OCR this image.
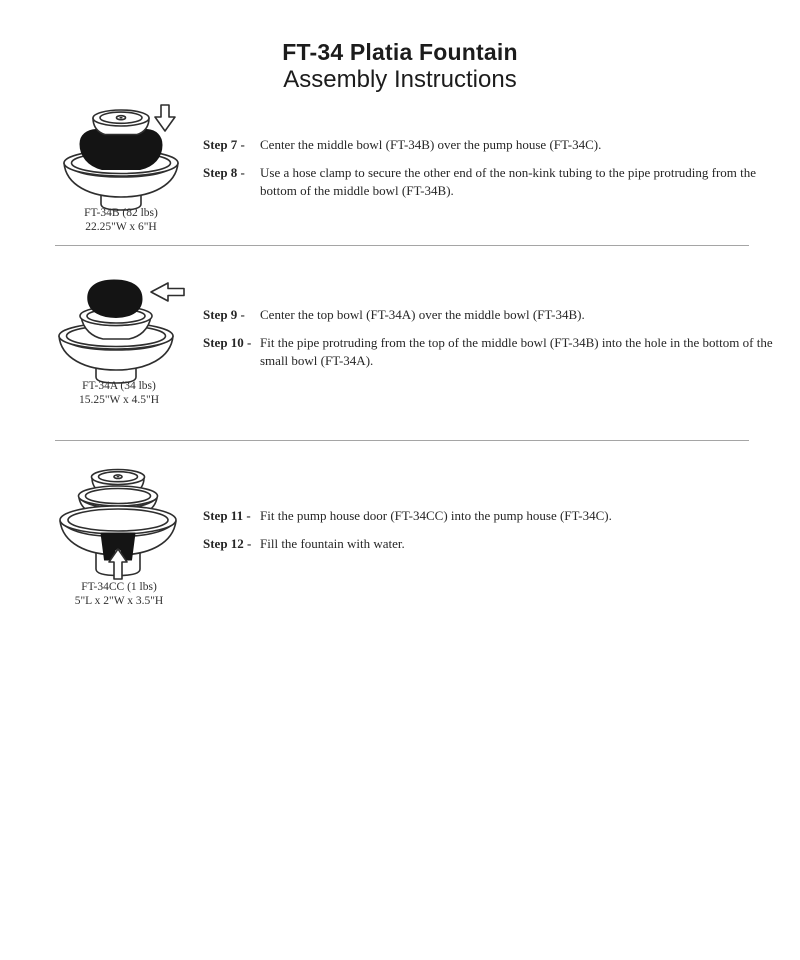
FT-34 Platia Fountain
Assembly Instructions
FT-34B (82 lbs)
22.25"W x 6"H
Step 7 -	Center the middle bowl (FT-34B) over the pump house (FT-34C).
Step 8 -	Use a hose clamp to secure the other end of the non-kink tubing to the pipe protruding from the bottom of the middle bowl (FT-34B).
FT-34A (34 lbs)
15.25"W x 4.5"H
Step 9 -	Center the top bowl (FT-34A) over the middle bowl (FT-34B).
Step 10 - Fit the pipe protruding from the top of the middle bowl (FT-34B) into the hole in the bottom of the small bowl (FT-34A).
FT-34CC (1 lbs)
5"L x 2"W x 3.5"H
Step 11 - Fit the pump house door (FT-34CC) into the pump house (FT-34C).
Step 12 - Fill the fountain with water.
